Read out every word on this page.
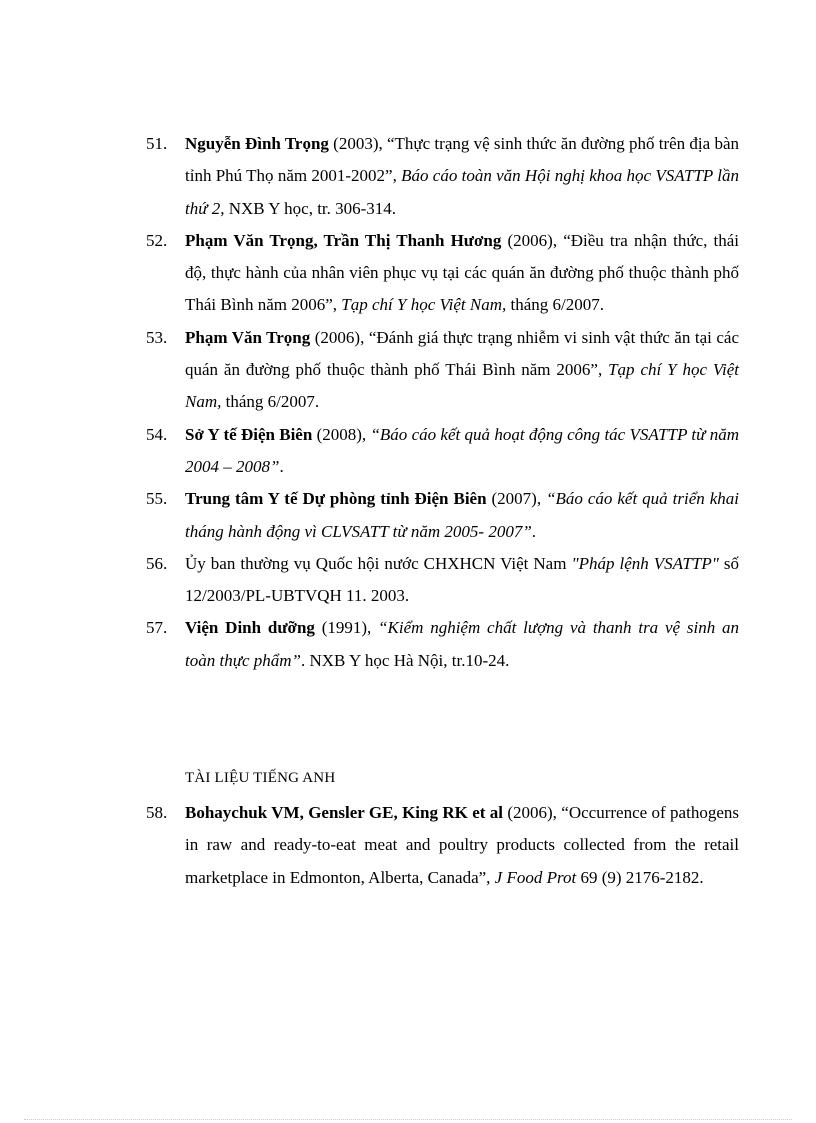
51. Nguyễn Đình Trọng (2003), “Thực trạng vệ sinh thức ăn đường phố trên địa bàn tỉnh Phú Thọ năm 2001-2002”, Báo cáo toàn văn Hội nghị khoa học VSATTP lần thứ 2, NXB Y học, tr. 306-314.
52. Phạm Văn Trọng, Trần Thị Thanh Hương (2006), “Điều tra nhận thức, thái độ, thực hành của nhân viên phục vụ tại các quán ăn đường phố thuộc thành phố Thái Bình năm 2006”, Tạp chí Y học Việt Nam, tháng 6/2007.
53. Phạm Văn Trọng (2006), “Đánh giá thực trạng nhiễm vi sinh vật thức ăn tại các quán ăn đường phố thuộc thành phố Thái Bình năm 2006”, Tạp chí Y học Việt Nam, tháng 6/2007.
54. Sở Y tế Điện Biên (2008), “Báo cáo kết quả hoạt động công tác VSATTP từ năm 2004 – 2008”.
55. Trung tâm Y tế Dự phòng tỉnh Điện Biên (2007), “Báo cáo kết quả triển khai tháng hành động vì CLVSATT từ năm 2005- 2007”.
56. Ủy ban thường vụ Quốc hội nước CHXHCN Việt Nam "Pháp lệnh VSATTP" số 12/2003/PL-UBTVQH 11. 2003.
57. Viện Dinh dưỡng (1991), “Kiểm nghiệm chất lượng và thanh tra vệ sinh an toàn thực phẩm”. NXB Y học Hà Nội, tr.10-24.
TÀI LIỆU TIẾNG ANH
58. Bohaychuk VM, Gensler GE, King RK et al (2006), “Occurrence of pathogens in raw and ready-to-eat meat and poultry products collected from the retail marketplace in Edmonton, Alberta, Canada”, J Food Prot 69 (9) 2176-2182.
